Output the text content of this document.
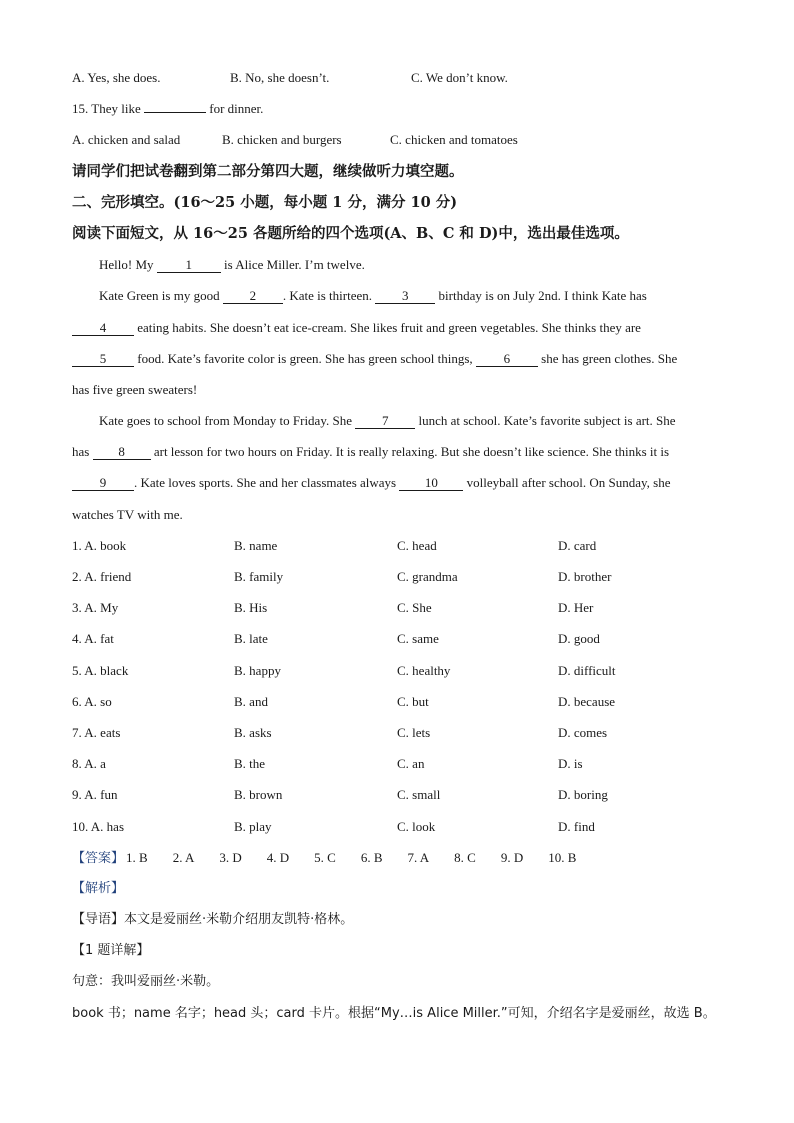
A. Yes, she does.	B. No, she doesn’t.	C. We don’t know.
15. They like	for dinner.
A. chicken and salad	B. chicken and burgers	C. chicken and tomatoes
请同学们把试卷翻到第二部分第四大题，继续做听力填空题。
二、完形填空。(16～25 小题，每小题 1 分，满分 10 分)
阅读下面短文，从 16～25 各题所给的四个选项(A、B、C 和 D)中，选出最佳选项。
Hello! My 1 is Alice Miller. I’m twelve.
Kate Green is my good 2 . Kate is thirteen. 3 birthday is on July 2nd. I think Kate has
4 eating habits. She doesn’t eat ice-cream. She likes fruit and green vegetables. She thinks they are
5 food. Kate’s favorite color is green. She has green school things, 6 she has green clothes. She
has five green sweaters!
Kate goes to school from Monday to Friday. She 7 lunch at school. Kate’s favorite subject is art. She
has 8 art lesson for two hours on Friday. It is really relaxing. But she doesn’t like science. She thinks it is
9 . Kate loves sports. She and her classmates always 10 volleyball after school. On Sunday, she
watches TV with me.
1. A. book	B. name	C. head	D. card
2. A. friend	B. family	C. grandma	D. brother
3. A. My	B. His	C. She	D. Her
4. A. fat	B. late	C. same	D. good
5. A. black	B. happy	C. healthy	D. difficult
6. A. so	B. and	C. but	D. because
7. A. eats	B. asks	C. lets	D. comes
8. A. a	B. the	C. an	D. is
9. A. fun	B. brown	C. small	D. boring
10. A. has	B. play	C. look	D. find
【答案】 1. B 2. A 3. D 4. D 5. C 6. B 7. A 8. C 9. D 10. B
【解析】
【导语】本文是爱丽丝·米勒介绍朋友凯特·格林。
【1 题详解】
句意：我叫爱丽丝·米勒。
book 书；name 名字；head 头；card 卡片。根据“My…is Alice Miller.”可知，介绍名字是爱丽丝，故选 B。
